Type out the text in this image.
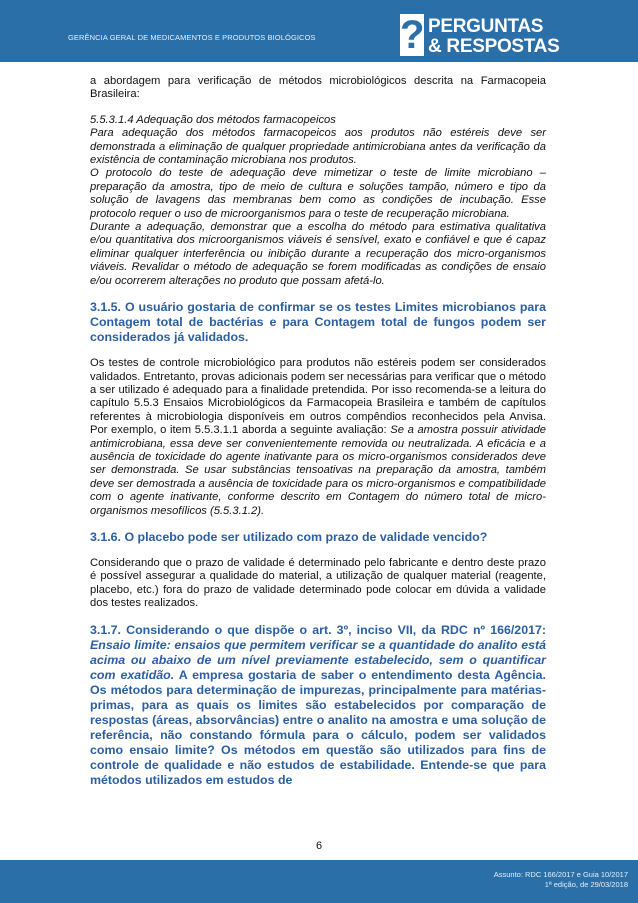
GERÊNCIA GERAL DE MEDICAMENTOS E PRODUTOS BIOLÓGICOS ? PERGUNTAS
& RESPOSTAS

a abordagem para verificação de métodos microbiológicos descrita na Farmacopeia Brasileira:

5.5.3.1.4 Adequação dos métodos farmacopeicos

Para adequação dos métodos farmacopeicos aos produtos não estéreis deve ser demonstrada a eliminação de qualquer propriedade antimicrobiana antes da verificação da existência de contaminação microbiana nos produtos.

O protocolo do teste de adequação deve mimetizar o teste de limite microbiano – preparação da amostra, tipo de meio de cultura e soluções tampão, número e tipo da solução de lavagens das membranas bem como as condições de incubação. Esse protocolo requer o uso de microorganismos para o teste de recuperação microbiana.

Durante a adequação, demonstrar que a escolha do método para estimativa qualitativa e/ou quantitativa dos microorganismos viáveis é sensível, exato e confiável e que é capaz eliminar qualquer interferência ou inibição durante a recuperação dos micro-organismos viáveis. Revalidar o método de adequação se forem modificadas as condições de ensaio e/ou ocorrerem alterações no produto que possam afetá-lo.

3.1.5. O usuário gostaria de confirmar se os testes Limites microbianos para Contagem total de bactérias e para Contagem total de fungos podem ser considerados já validados.

Os testes de controle microbiológico para produtos não estéreis podem ser considerados validados. Entretanto, provas adicionais podem ser necessárias para verificar que o método a ser utilizado é adequado para a finalidade pretendida. Por isso recomenda-se a leitura do capítulo 5.5.3 Ensaios Microbiológicos da Farmacopeia Brasileira e também de capítulos referentes à microbiologia disponíveis em outros compêndios reconhecidos pela Anvisa. Por exemplo, o item 5.5.3.1.1 aborda a seguinte avaliação: Se a amostra possuir atividade antimicrobiana, essa deve ser convenientemente removida ou neutralizada. A eficácia e a ausência de toxicidade do agente inativante para os micro-organismos considerados deve ser demonstrada. Se usar substâncias tensoativas na preparação da amostra, também deve ser demostrada a ausência de toxicidade para os micro-organismos e compatibilidade com o agente inativante, conforme descrito em Contagem do número total de micro-organismos mesofílicos (5.5.3.1.2).

3.1.6. O placebo pode ser utilizado com prazo de validade vencido?

Considerando que o prazo de validade é determinado pelo fabricante e dentro deste prazo é possível assegurar a qualidade do material, a utilização de qualquer material (reagente, placebo, etc.) fora do prazo de validade determinado pode colocar em dúvida a validade dos testes realizados.

3.1.7. Considerando o que dispõe o art. 3º, inciso VII, da RDC nº 166/2017: Ensaio limite: ensaios que permitem verificar se a quantidade do analito está acima ou abaixo de um nível previamente estabelecido, sem o quantificar com exatidão. A empresa gostaria de saber o entendimento desta Agência. Os métodos para determinação de impurezas, principalmente para matérias-primas, para as quais os limites são estabelecidos por comparação de respostas (áreas, absorvâncias) entre o analito na amostra e uma solução de referência, não constando fórmula para o cálculo, podem ser validados como ensaio limite? Os métodos em questão são utilizados para fins de controle de qualidade e não estudos de estabilidade. Entende-se que para métodos utilizados em estudos de

6
Assunto: RDC 166/2017 e Guia 10/2017
1ª edição, de 29/03/2018
